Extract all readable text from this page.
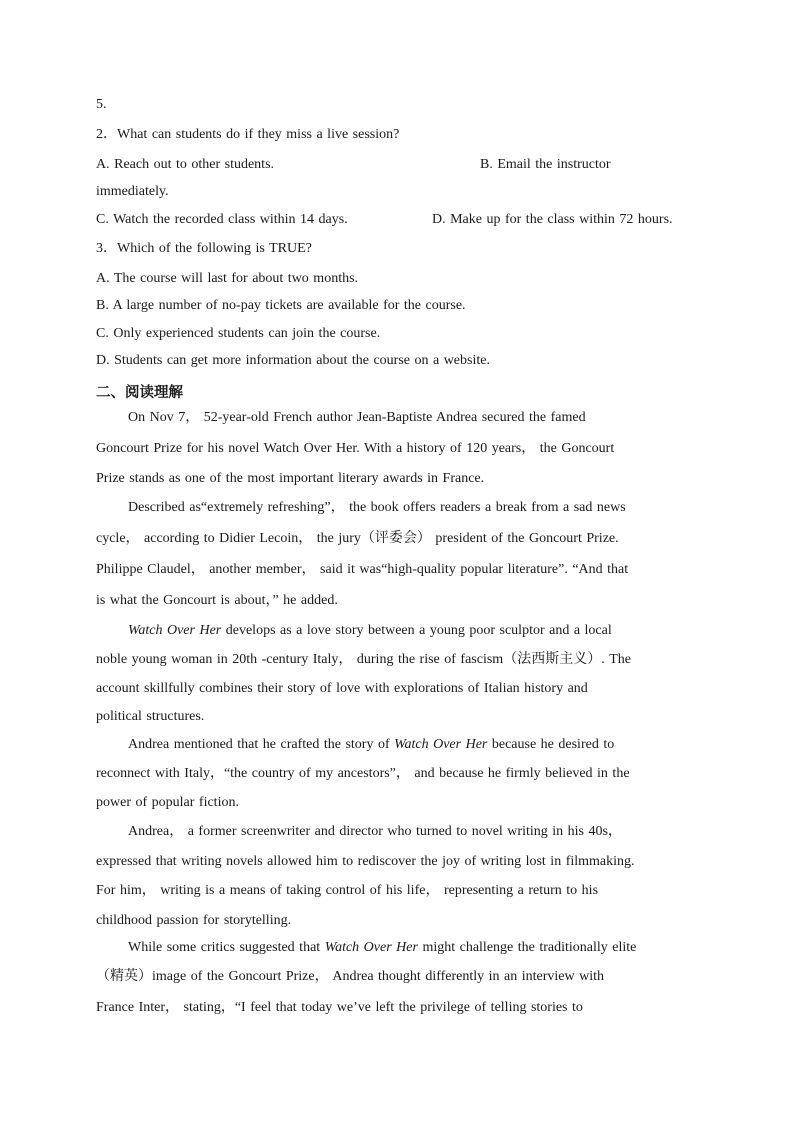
5.
2．What can students do if they miss a live session?
A. Reach out to other students.	B. Email the instructor
immediately.
C. Watch the recorded class within 14 days.	D. Make up for the class within 72 hours.
3．Which of the following is TRUE?
A. The course will last for about two months.
B. A large number of no-pay tickets are available for the course.
C. Only experienced students can join the course.
D. Students can get more information about the course on a website.
二、阅读理解
On Nov 7， 52-year-old French author Jean-Baptiste Andrea secured the famed
Goncourt Prize for his novel Watch Over Her. With a history of 120 years， the Goncourt
Prize stands as one of the most important literary awards in France.
Described as“extremely refreshing”， the book offers readers a break from a sad news
cycle， according to Didier Lecoin， the jury（评委会） president of the Goncourt Prize.
Philippe Claudel， another member， said it was“high-quality popular literature”. “And that
is what the Goncourt is about，” he added.
Watch Over Her develops as a love story between a young poor sculptor and a local
noble young woman in 20th -century Italy， during the rise of fascism（法西斯主义）. The
account skillfully combines their story of love with explorations of Italian history and
political structures.
Andrea mentioned that he crafted the story of Watch Over Her because he desired to
reconnect with Italy，“the country of my ancestors”， and because he firmly believed in the
power of popular fiction.
Andrea， a former screenwriter and director who turned to novel writing in his 40s，
expressed that writing novels allowed him to rediscover the joy of writing lost in filmmaking.
For him， writing is a means of taking control of his life， representing a return to his
childhood passion for storytelling.
While some critics suggested that Watch Over Her might challenge the traditionally elite
（精英）image of the Goncourt Prize， Andrea thought differently in an interview with
France Inter， stating，“I feel that today we’ve left the privilege of telling stories to
